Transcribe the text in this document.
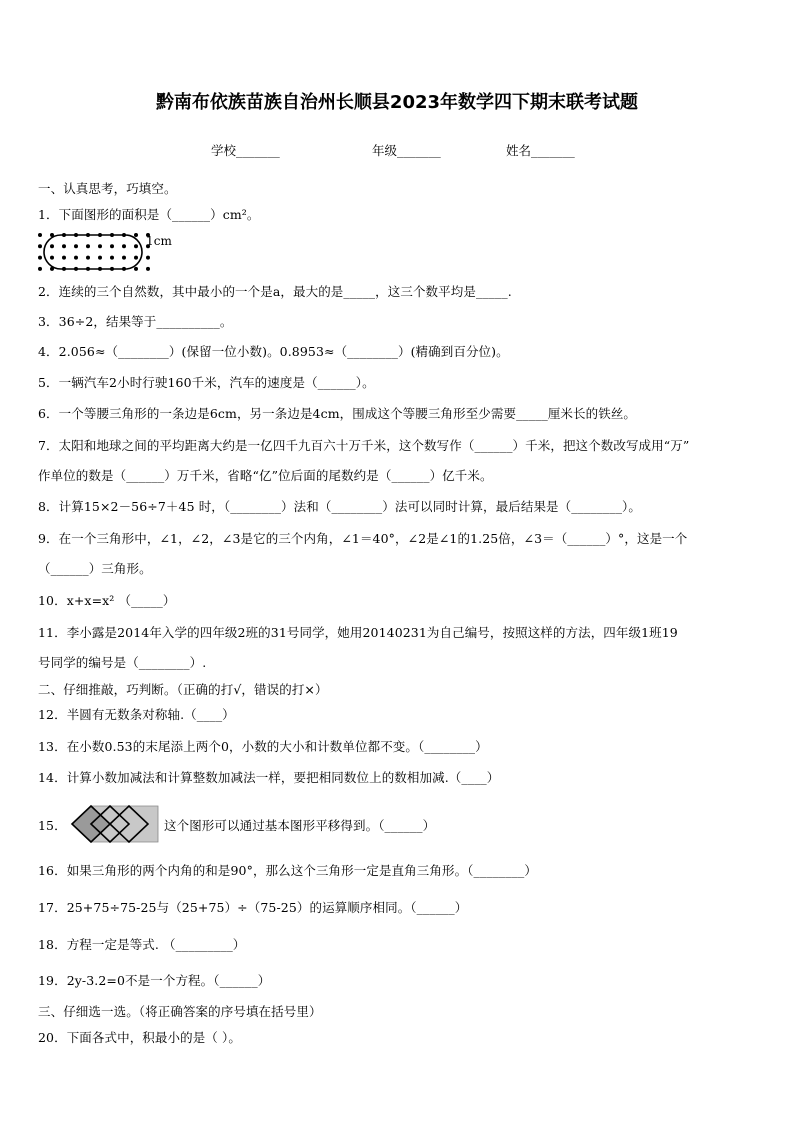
黔南布依族苗族自治州长顺县2023年数学四下期末联考试题
学校_______	年级_______	姓名_______
一、认真思考，巧填空。
1．下面图形的面积是（______）cm²。
1cm
2．连续的三个自然数，其中最小的一个是a，最大的是_____，这三个数平均是_____.
3．36÷2，结果等于__________。
4．2.056≈（________）(保留一位小数)。0.8953≈（________）(精确到百分位)。
5．一辆汽车2小时行驶160千米，汽车的速度是（______）。
6．一个等腰三角形的一条边是6cm，另一条边是4cm，围成这个等腰三角形至少需要_____厘米长的铁丝。
7．太阳和地球之间的平均距离大约是一亿四千九百六十万千米，这个数写作（______）千米，把这个数改写成用“万”
作单位的数是（______）万千米，省略“亿”位后面的尾数约是（______）亿千米。
8．计算15×2－56÷7＋45 时，（________）法和（________）法可以同时计算，最后结果是（________）。
9．在一个三角形中，∠1，∠2，∠3是它的三个内角，∠1＝40°，∠2是∠1的1.25倍，∠3＝（______）°，这是一个
（______）三角形。
10．x+x=x² （_____）
11．李小露是2014年入学的四年级2班的31号同学，她用20140231为自己编号，按照这样的方法，四年级1班19
号同学的编号是（________）.
二、仔细推敲，巧判断。（正确的打√，错误的打×）
12．半圆有无数条对称轴.（____）
13．在小数0.53的末尾添上两个0，小数的大小和计数单位都不变。（________）
14．计算小数加减法和计算整数加减法一样，要把相同数位上的数相加减.（____）
15．	这个图形可以通过基本图形平移得到。（______）
16．如果三角形的两个内角的和是90°，那么这个三角形一定是直角三角形。（________）
17．25+75÷75-25与（25+75）÷（75-25）的运算顺序相同。（______）
18．方程一定是等式. （_________）
19．2y-3.2=0不是一个方程。（______）
三、仔细选一选。（将正确答案的序号填在括号里）
20．下面各式中，积最小的是（ ）。
